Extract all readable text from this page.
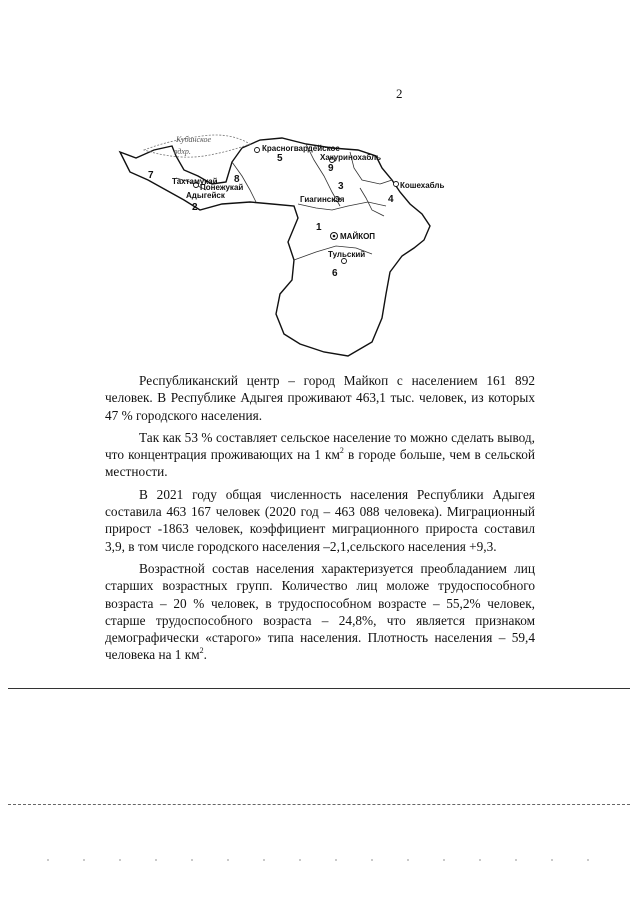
2
Кубанское
вдхр.	Красногвардейское
Хакуринохабль
Кошехабль
Гиагинская
Тахтамукай
Понежукай
Адыгейск
МАЙКОП
Тульский
1
2
3
4
5
6
7	8
9

Республиканский центр – город Майкоп с населением 161 892 человек. В Республике Адыгея проживают 463,1 тыс. человек, из которых 47 % городского населения.

Так как 53 % составляет сельское население то можно сделать вывод, что концентрация проживающих на 1 $км^2$ в городе больше, чем в сельской местности.

В 2021 году общая численность населения Республики Адыгея составила 463 167 человек (2020 год – 463 088 человека). Миграционный прирост -1863 человек, коэффициент миграционного прироста составил 3,9, в том числе городского населения –2,1,сельского населения +9,3.

Возрастной состав населения характеризуется преобладанием лиц старших возрастных групп. Количество лиц моложе трудоспособного возраста – 20 % человек, в трудоспособном возрасте – 55,2% человек, старше трудоспособного возраста – 24,8%, что является признаком демографически «старого» типа населения. Плотность населения – 59,4 человека на 1 $км^2$.
